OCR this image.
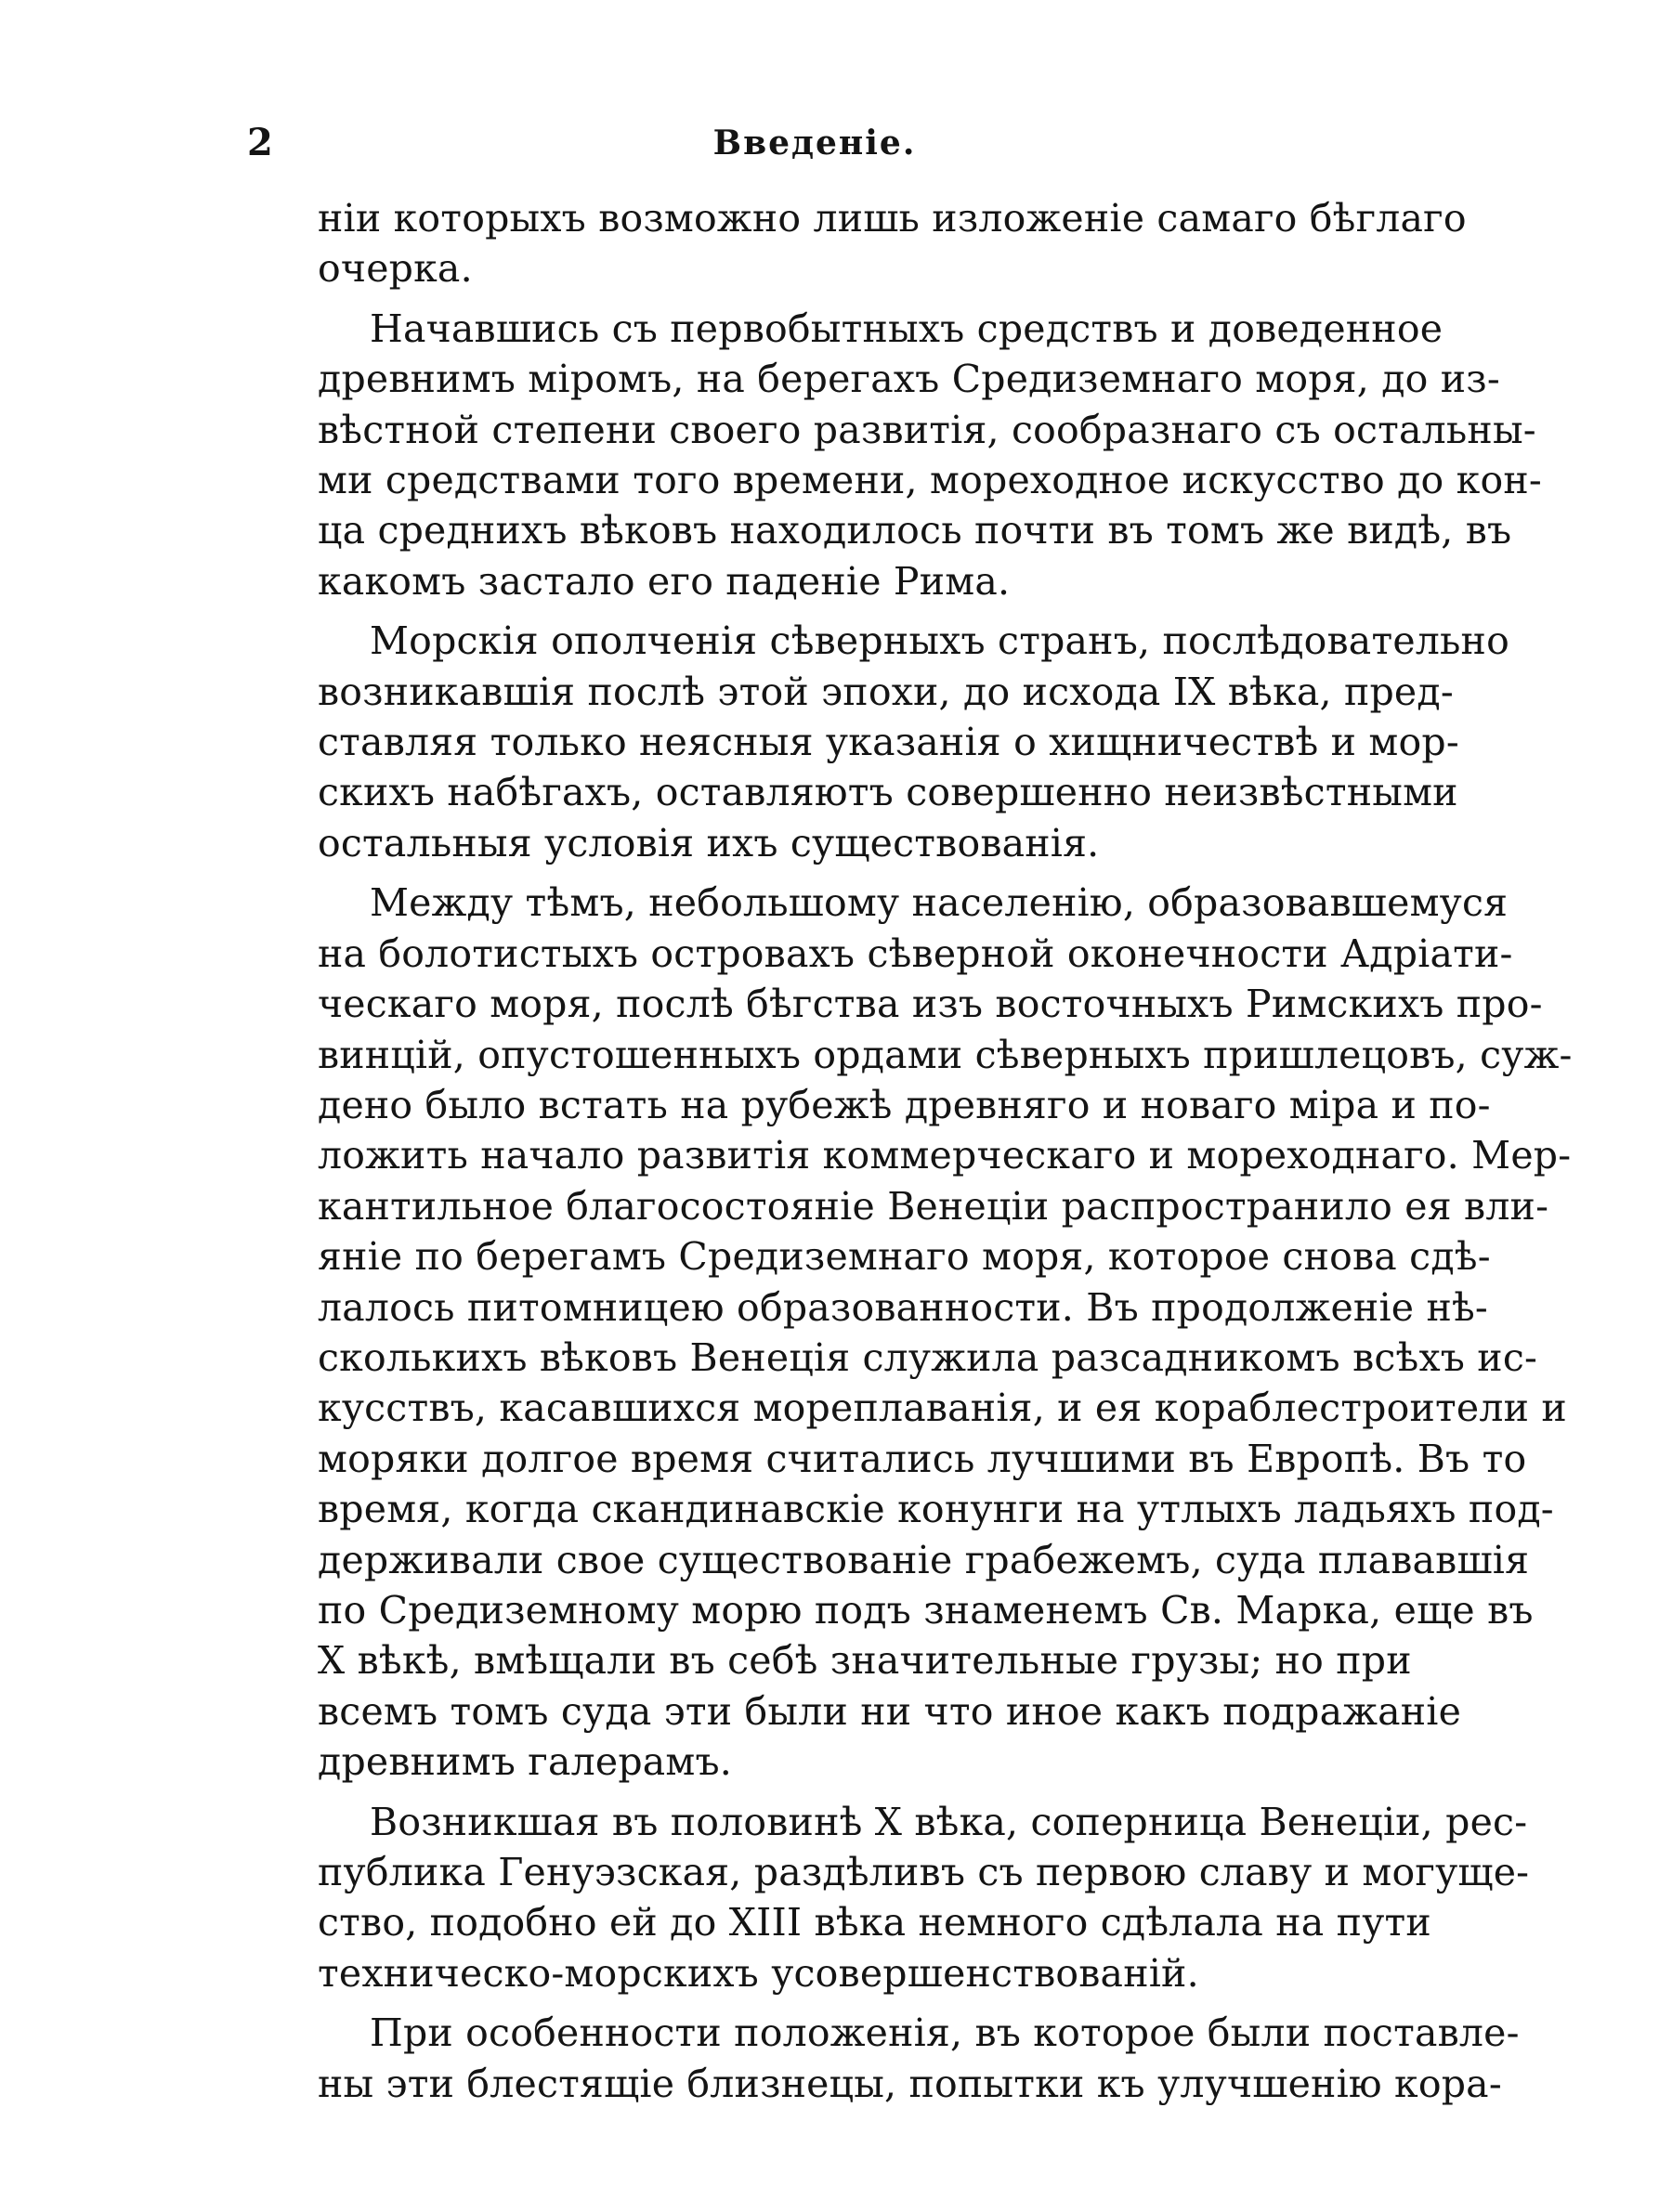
2	Введеніе.
ніи которыхъ возможно лишь изложеніе самаго бѣглаго
очерка.
Начавшись съ первобытныхъ средствъ и доведенное
древнимъ міромъ, на берегахъ Средиземнаго моря, до из-
вѣстной степени своего развитія, сообразнаго съ остальны-
ми средствами того времени, мореходное искусство до кон-
ца среднихъ вѣковъ находилось почти въ томъ же видѣ, въ
какомъ застало его паденіе Рима.
Морскія ополченія сѣверныхъ странъ, послѣдовательно
возникавшія послѣ этой эпохи, до исхода IX вѣка, пред-
ставляя только неясныя указанія о хищничествѣ и мор-
скихъ набѣгахъ, оставляютъ совершенно неизвѣстными
остальныя условія ихъ существованія.
Между тѣмъ, небольшому населенію, образовавшемуся
на болотистыхъ островахъ сѣверной оконечности Адріати-
ческаго моря, послѣ бѣгства изъ восточныхъ Римскихъ про-
винцій, опустошенныхъ ордами сѣверныхъ пришлецовъ, суж-
дено было встать на рубежѣ древняго и новаго міра и по-
ложить начало развитія коммерческаго и мореходнаго. Мер-
кантильное благосостояніе Венеціи распространило ея вли-
яніе по берегамъ Средиземнаго моря, которое снова сдѣ-
лалось питомницею образованности. Въ продолженіе нѣ-
сколькихъ вѣковъ Венеція служила разсадникомъ всѣхъ ис-
кусствъ, касавшихся мореплаванія, и ея кораблестроители и
моряки долгое время считались лучшими въ Европѣ. Въ то
время, когда скандинавскіе конунги на утлыхъ ладьяхъ под-
держивали свое существованіе грабежемъ, суда плававшія
по Средиземному морю подъ знаменемъ Св. Марка, еще въ
X вѣкѣ, вмѣщали въ себѣ значительные грузы; но при
всемъ томъ суда эти были ни что иное какъ подражаніе
древнимъ галерамъ.
Возникшая въ половинѣ X вѣка, соперница Венеціи, рес-
публика Генуэзская, раздѣливъ съ первою славу и могуще-
ство, подобно ей до XIII вѣка немного сдѣлала на пути
техническо-морскихъ усовершенствованій.
При особенности положенія, въ которое были поставле-
ны эти блестящіе близнецы, попытки къ улучшенію кора-
